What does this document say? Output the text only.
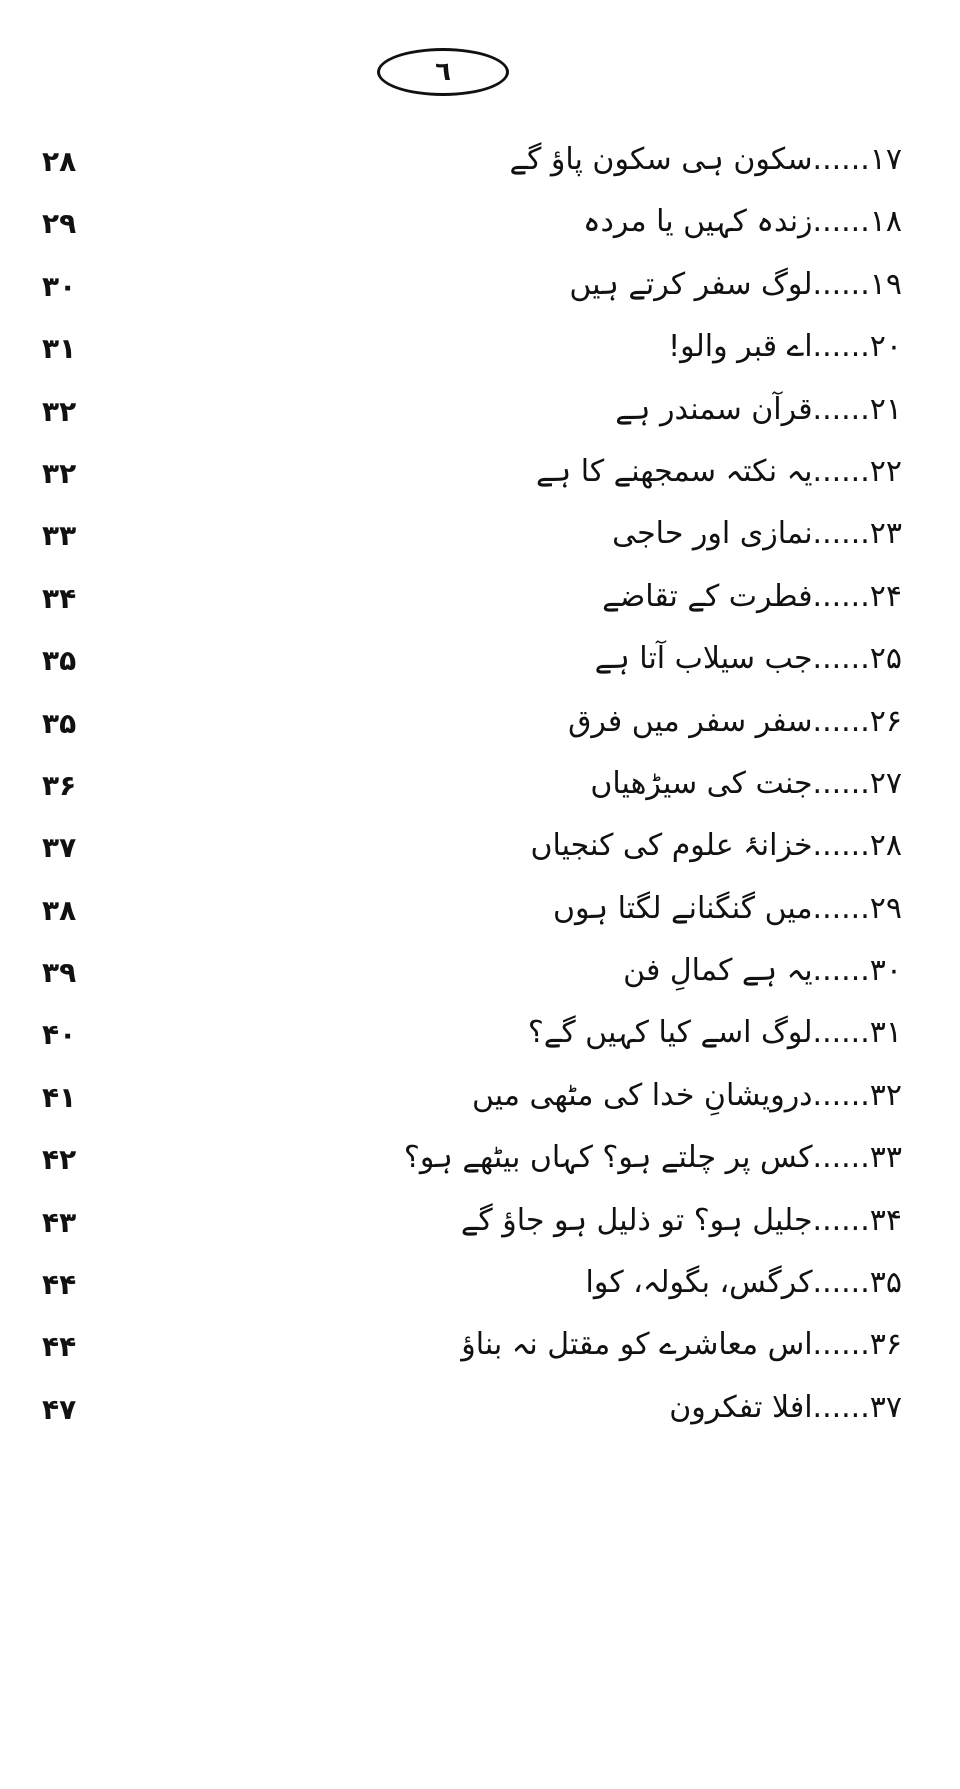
٦
۱۷......سکون ہی سکون پاؤ گے
۲۸
۱۸......زندہ کہیں یا مردہ
۲۹
۱۹......لوگ سفر کرتے ہیں
۳۰
۲۰......اے قبر والو!
۳۱
۲۱......قرآن سمندر ہے
۳۲
۲۲......یہ نکتہ سمجھنے کا ہے
۳۲
۲۳......نمازی اور حاجی
۳۳
۲۴......فطرت کے تقاضے
۳۴
۲۵......جب سیلاب آتا ہے
۳۵
۲۶......سفر سفر میں فرق
۳۵
۲۷......جنت کی سیڑھیاں
۳۶
۲۸......خزانۂ علوم کی کنجیاں
۳۷
۲۹......میں گنگنانے لگتا ہوں
۳۸
۳۰......یہ ہے کمالِ فن
۳۹
۳۱......لوگ اسے کیا کہیں گے؟
۴۰
۳۲......درویشانِ خدا کی مٹھی میں
۴۱
۳۳......کس پر چلتے ہو؟ کہاں بیٹھے ہو؟
۴۲
۳۴......جلیل ہو؟ تو ذلیل ہو جاؤ گے
۴۳
۳۵......کرگس، بگولہ، کوا
۴۴
۳۶......اس معاشرے کو مقتل نہ بناؤ
۴۴
۳۷......افلا تفکرون
۴۷
